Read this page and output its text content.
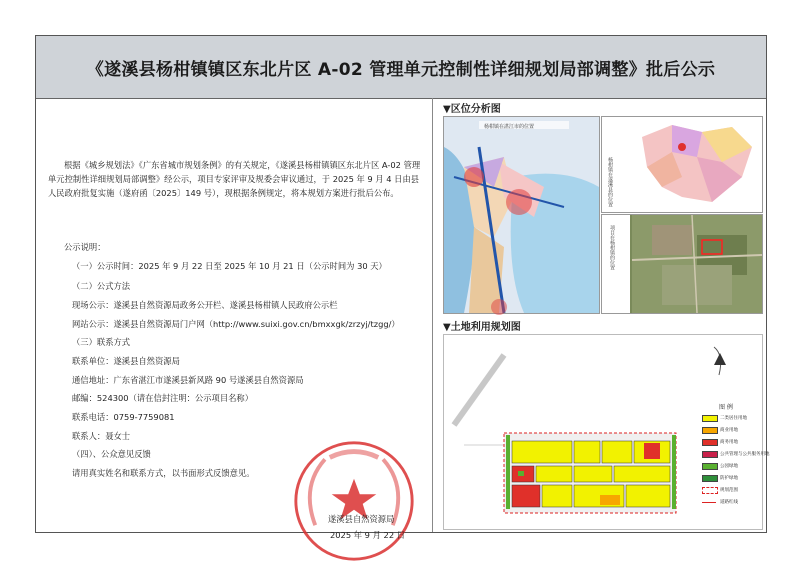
《遂溪县杨柑镇镇区东北片区 A-02 管理单元控制性详细规划局部调整》批后公示

根据《城乡规划法》《广东省城市规划条例》的有关规定，《遂溪县杨柑镇镇区东北片区 A-02 管理单元控制性详细规划局部调整》经公示，项目专家评审及规委会审议通过，于 2025 年 9 月 4 日由县人民政府批复实施（遂府函〔2025〕149 号），现根据条例规定，将本规划方案进行批后公布。

公示说明：
（一）公示时间：2025 年 9 月 22 日至 2025 年 10 月 21 日（公示时间为 30 天）
（二）公式方法
现场公示：遂溪县自然资源局政务公开栏、遂溪县杨柑镇人民政府公示栏
网站公示：遂溪县自然资源局门户网（http://www.suixi.gov.cn/bmxxgk/zrzyj/tzgg/）
（三）联系方式
联系单位：遂溪县自然资源局
通信地址：广东省湛江市遂溪县新风路 90 号遂溪县自然资源局
邮编：524300（请在信封注明：公示项目名称）
联系电话：0759-7759081
联系人：聂女士
（四）、公众意见反馈
请用真实姓名和联系方式，以书面形式反馈意见。
遂溪县自然资源局
2025 年 9 月 22 日
▼区位分析图
杨柑镇在湛江市的位置
杨柑镇在遂溪县的位置
项目在杨柑镇的位置
▼土地利用规划图
图 例
二类居住用地
商业用地
商务用地
公共管理与公共服务用地
公园绿地
防护绿地
规划范围
道路红线
